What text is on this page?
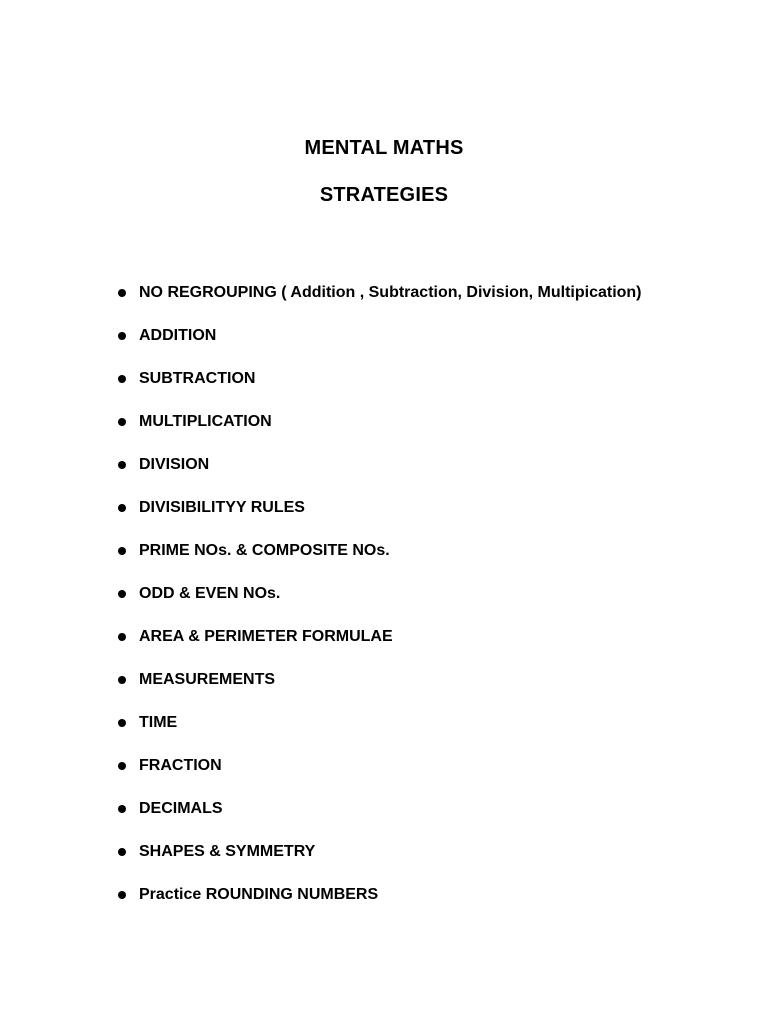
MENTAL MATHS
STRATEGIES
NO REGROUPING ( Addition , Subtraction, Division, Multipication)
ADDITION
SUBTRACTION
MULTIPLICATION
DIVISION
DIVISIBILITYY RULES
PRIME NOs. & COMPOSITE NOs.
ODD & EVEN NOs.
AREA & PERIMETER FORMULAE
MEASUREMENTS
TIME
FRACTION
DECIMALS
SHAPES & SYMMETRY
Practice ROUNDING NUMBERS
